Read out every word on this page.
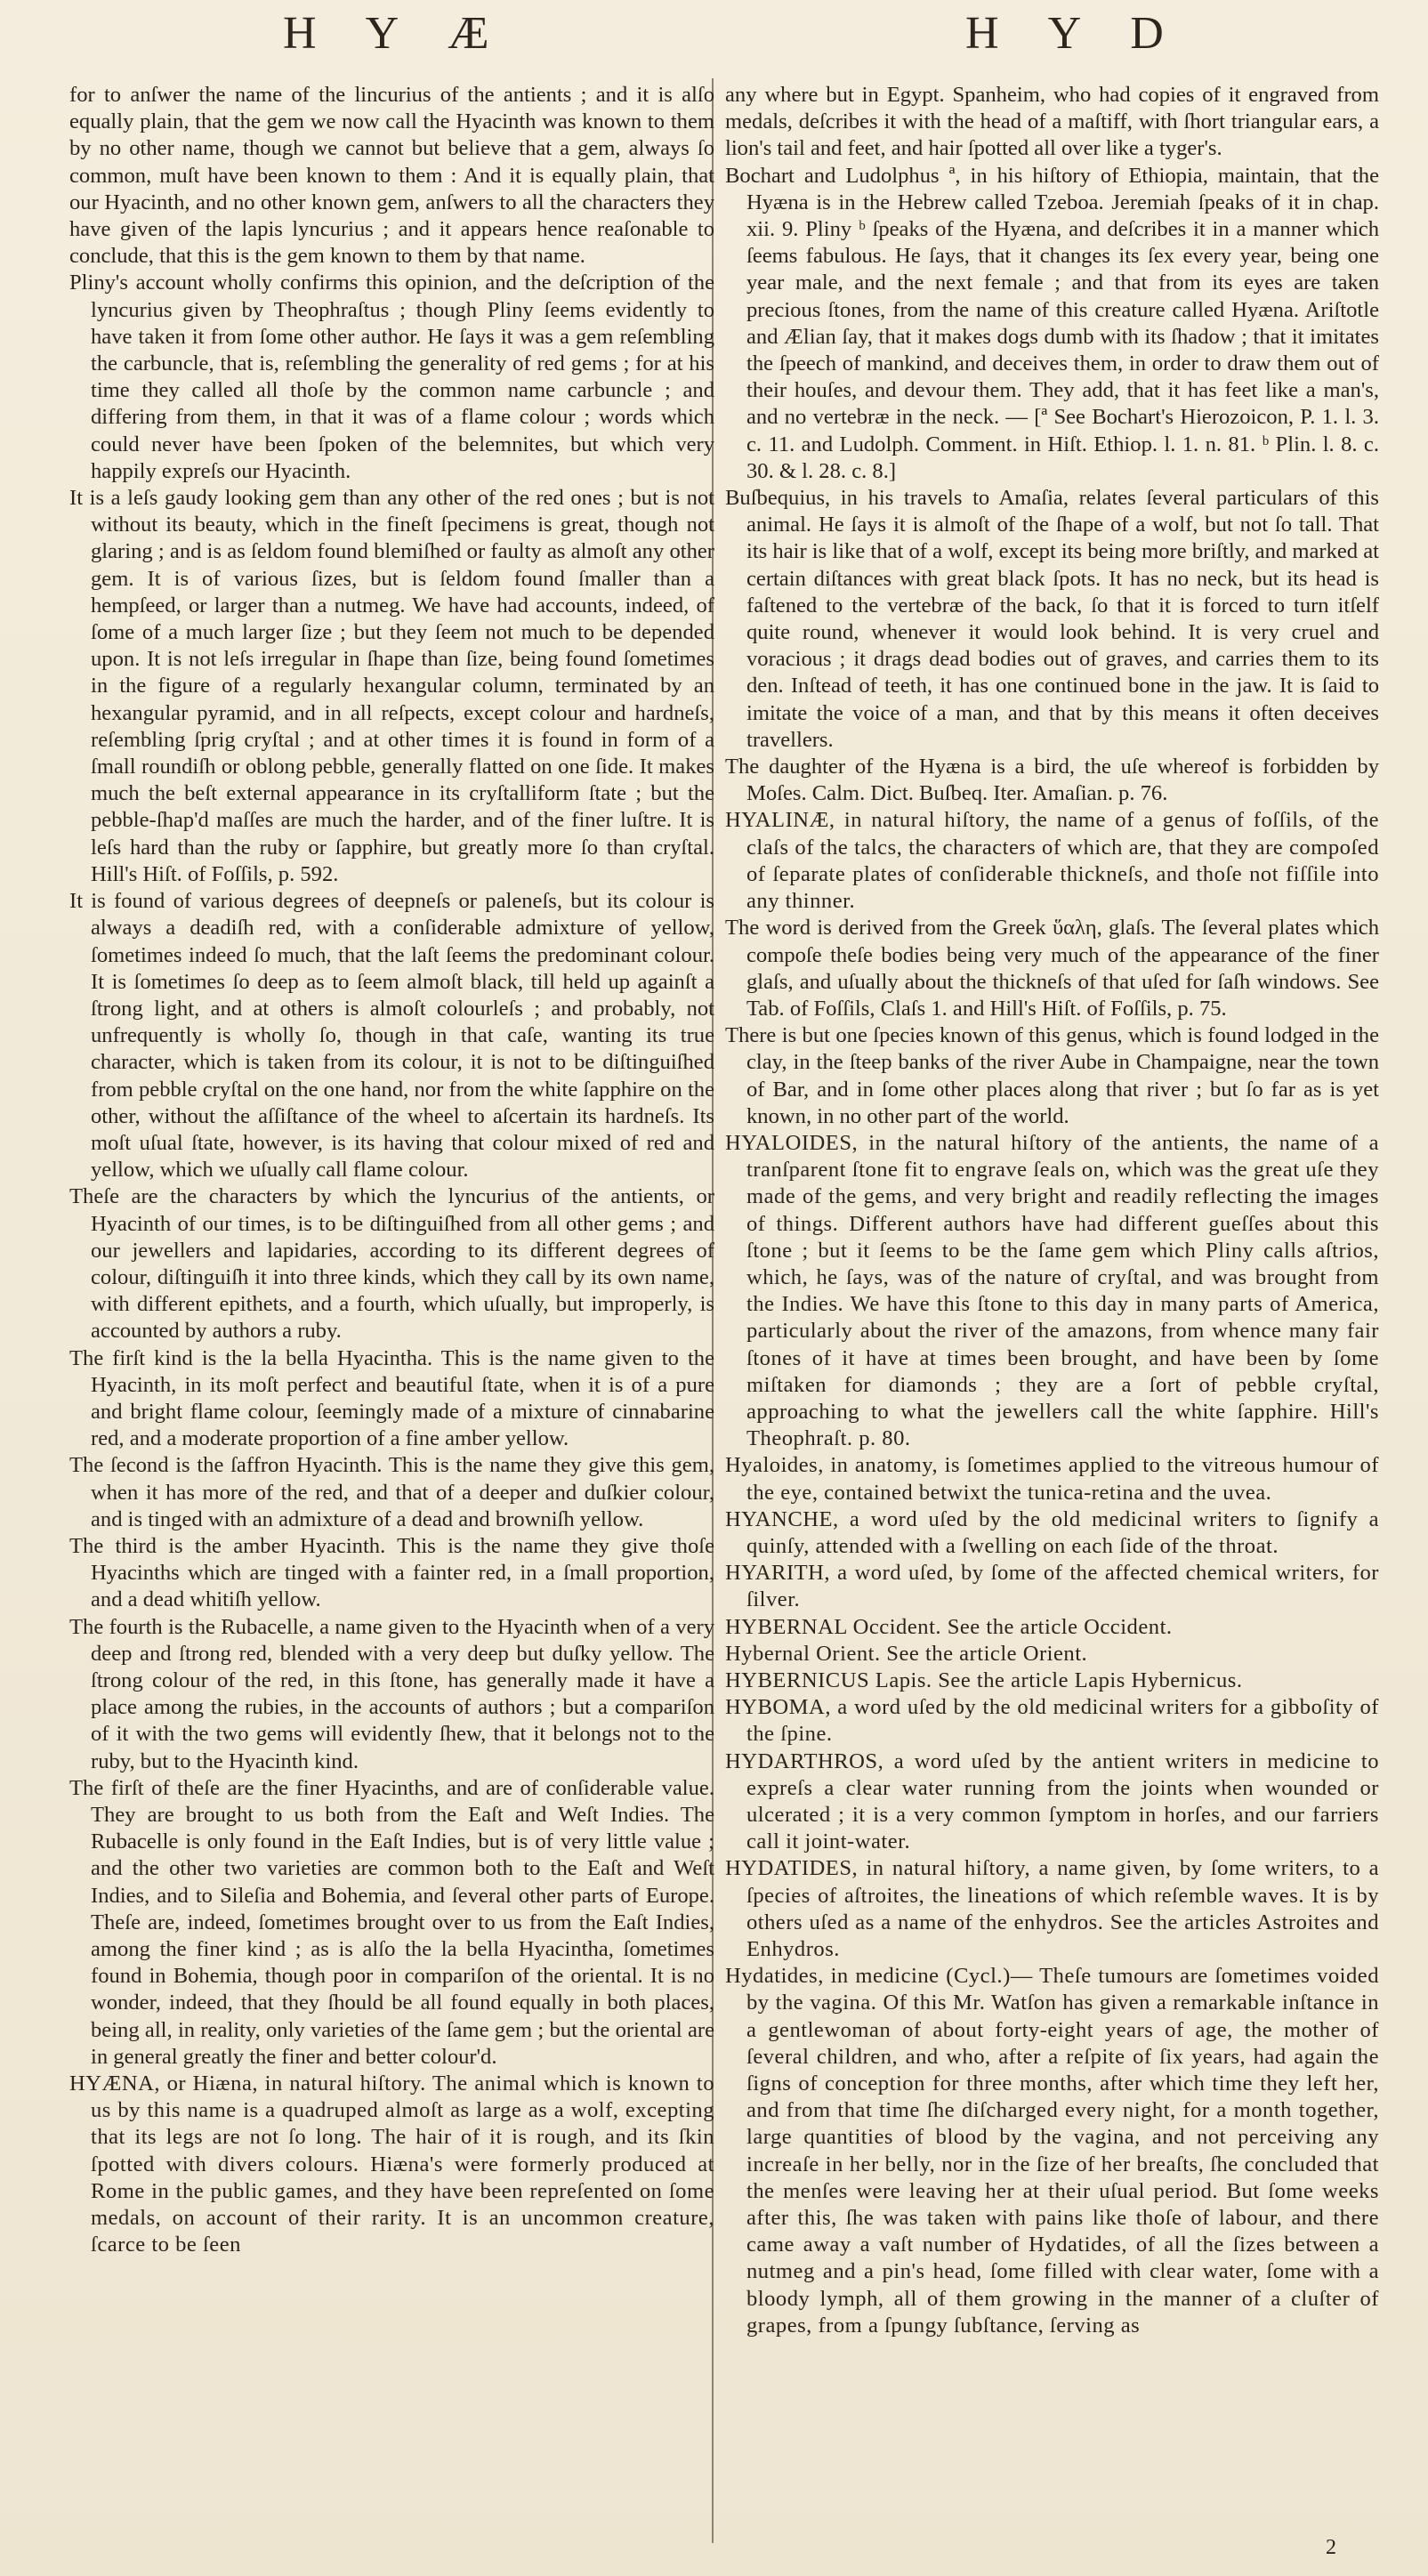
H Y Æ	H Y D

for to anſwer the name of the lincurius of the antients ; and it is alſo equally plain, that the gem we now call the Hyacinth was known to them by no other name, though we cannot but believe that a gem, always ſo common, muſt have been known to them : And it is equally plain, that our Hyacinth, and no other known gem, anſwers to all the characters they have given of the lapis lyncurius ; and it appears hence reaſonable to conclude, that this is the gem known to them by that name.

Pliny's account wholly confirms this opinion, and the deſcription of the lyncurius given by Theophraſtus ; though Pliny ſeems evidently to have taken it from ſome other author. He ſays it was a gem reſembling the carbuncle, that is, reſembling the generality of red gems ; for at his time they called all thoſe by the common name carbuncle ; and differing from them, in that it was of a flame colour ; words which could never have been ſpoken of the belemnites, but which very happily expreſs our Hyacinth.

It is a leſs gaudy looking gem than any other of the red ones ; but is not without its beauty, which in the fineſt ſpecimens is great, though not glaring ; and is as ſeldom found blemiſhed or faulty as almoſt any other gem. It is of various ſizes, but is ſeldom found ſmaller than a hempſeed, or larger than a nutmeg. We have had accounts, indeed, of ſome of a much larger ſize ; but they ſeem not much to be depended upon. It is not leſs irregular in ſhape than ſize, being found ſometimes in the figure of a regularly hexangular column, terminated by an hexangular pyramid, and in all reſpects, except colour and hardneſs, reſembling ſprig cryſtal ; and at other times it is found in form of a ſmall roundiſh or oblong pebble, generally flatted on one ſide. It makes much the beſt external appearance in its cryſtalliform ſtate ; but the pebble-ſhap'd maſſes are much the harder, and of the finer luſtre. It is leſs hard than the ruby or ſapphire, but greatly more ſo than cryſtal. Hill's Hiſt. of Foſſils, p. 592.

It is found of various degrees of deepneſs or paleneſs, but its colour is always a deadiſh red, with a conſiderable admixture of yellow, ſometimes indeed ſo much, that the laſt ſeems the predominant colour. It is ſometimes ſo deep as to ſeem almoſt black, till held up againſt a ſtrong light, and at others is almoſt colourleſs ; and probably, not unfrequently is wholly ſo, though in that caſe, wanting its true character, which is taken from its colour, it is not to be diſtinguiſhed from pebble cryſtal on the one hand, nor from the white ſapphire on the other, without the aſſiſtance of the wheel to aſcertain its hardneſs. Its moſt uſual ſtate, however, is its having that colour mixed of red and yellow, which we uſually call flame colour.

Theſe are the characters by which the lyncurius of the antients, or Hyacinth of our times, is to be diſtinguiſhed from all other gems ; and our jewellers and lapidaries, according to its different degrees of colour, diſtinguiſh it into three kinds, which they call by its own name, with different epithets, and a fourth, which uſually, but improperly, is accounted by authors a ruby.

The firſt kind is the la bella Hyacintha. This is the name given to the Hyacinth, in its moſt perfect and beautiful ſtate, when it is of a pure and bright flame colour, ſeemingly made of a mixture of cinnabarine red, and a moderate proportion of a fine amber yellow.

The ſecond is the ſaffron Hyacinth. This is the name they give this gem, when it has more of the red, and that of a deeper and duſkier colour, and is tinged with an admixture of a dead and browniſh yellow.

The third is the amber Hyacinth. This is the name they give thoſe Hyacinths which are tinged with a fainter red, in a ſmall proportion, and a dead whitiſh yellow.

The fourth is the Rubacelle, a name given to the Hyacinth when of a very deep and ſtrong red, blended with a very deep but duſky yellow. The ſtrong colour of the red, in this ſtone, has generally made it have a place among the rubies, in the accounts of authors ; but a compariſon of it with the two gems will evidently ſhew, that it belongs not to the ruby, but to the Hyacinth kind.

The firſt of theſe are the finer Hyacinths, and are of conſiderable value. They are brought to us both from the Eaſt and Weſt Indies. The Rubacelle is only found in the Eaſt Indies, but is of very little value ; and the other two varieties are common both to the Eaſt and Weſt Indies, and to Sileſia and Bohemia, and ſeveral other parts of Europe. Theſe are, indeed, ſometimes brought over to us from the Eaſt Indies, among the finer kind ; as is alſo the la bella Hyacintha, ſometimes found in Bohemia, though poor in compariſon of the oriental. It is no wonder, indeed, that they ſhould be all found equally in both places, being all, in reality, only varieties of the ſame gem ; but the oriental are in general greatly the finer and better colour'd.

HYÆNA, or Hiæna, in natural hiſtory. The animal which is known to us by this name is a quadruped almoſt as large as a wolf, excepting that its legs are not ſo long. The hair of it is rough, and its ſkin ſpotted with divers colours. Hiæna's were formerly produced at Rome in the public games, and they have been repreſented on ſome medals, on account of their rarity. It is an uncommon creature, ſcarce to be ſeen

any where but in Egypt. Spanheim, who had copies of it engraved from medals, deſcribes it with the head of a maſtiff, with ſhort triangular ears, a lion's tail and feet, and hair ſpotted all over like a tyger's.

Bochart and Ludolphus ª, in his hiſtory of Ethiopia, maintain, that the Hyæna is in the Hebrew called Tzeboa. Jeremiah ſpeaks of it in chap. xii. 9. Pliny ᵇ ſpeaks of the Hyæna, and deſcribes it in a manner which ſeems fabulous. He ſays, that it changes its ſex every year, being one year male, and the next female ; and that from its eyes are taken precious ſtones, from the name of this creature called Hyæna. Ariſtotle and Ælian ſay, that it makes dogs dumb with its ſhadow ; that it imitates the ſpeech of mankind, and deceives them, in order to draw them out of their houſes, and devour them. They add, that it has feet like a man's, and no vertebræ in the neck. — [ª See Bochart's Hierozoicon, P. 1. l. 3. c. 11. and Ludolph. Comment. in Hiſt. Ethiop. l. 1. n. 81. ᵇ Plin. l. 8. c. 30. & l. 28. c. 8.]

Buſbequius, in his travels to Amaſia, relates ſeveral particulars of this animal. He ſays it is almoſt of the ſhape of a wolf, but not ſo tall. That its hair is like that of a wolf, except its being more briſtly, and marked at certain diſtances with great black ſpots. It has no neck, but its head is faſtened to the vertebræ of the back, ſo that it is forced to turn itſelf quite round, whenever it would look behind. It is very cruel and voracious ; it drags dead bodies out of graves, and carries them to its den. Inſtead of teeth, it has one continued bone in the jaw. It is ſaid to imitate the voice of a man, and that by this means it often deceives travellers.

The daughter of the Hyæna is a bird, the uſe whereof is forbidden by Moſes. Calm. Dict. Buſbeq. Iter. Amaſian. p. 76.

HYALINÆ, in natural hiſtory, the name of a genus of foſſils, of the claſs of the talcs, the characters of which are, that they are compoſed of ſeparate plates of conſiderable thickneſs, and thoſe not fiſſile into any thinner.

The word is derived from the Greek ὕαλη, glaſs. The ſeveral plates which compoſe theſe bodies being very much of the appearance of the finer glaſs, and uſually about the thickneſs of that uſed for ſaſh windows. See Tab. of Foſſils, Claſs 1. and Hill's Hiſt. of Foſſils, p. 75.

There is but one ſpecies known of this genus, which is found lodged in the clay, in the ſteep banks of the river Aube in Champaigne, near the town of Bar, and in ſome other places along that river ; but ſo far as is yet known, in no other part of the world.

HYALOIDES, in the natural hiſtory of the antients, the name of a tranſparent ſtone fit to engrave ſeals on, which was the great uſe they made of the gems, and very bright and readily reflecting the images of things. Different authors have had different gueſſes about this ſtone ; but it ſeems to be the ſame gem which Pliny calls aſtrios, which, he ſays, was of the nature of cryſtal, and was brought from the Indies. We have this ſtone to this day in many parts of America, particularly about the river of the amazons, from whence many fair ſtones of it have at times been brought, and have been by ſome miſtaken for diamonds ; they are a ſort of pebble cryſtal, approaching to what the jewellers call the white ſapphire. Hill's Theophraſt. p. 80.

Hyaloides, in anatomy, is ſometimes applied to the vitreous humour of the eye, contained betwixt the tunica-retina and the uvea.

HYANCHE, a word uſed by the old medicinal writers to ſignify a quinſy, attended with a ſwelling on each ſide of the throat.

HYARITH, a word uſed, by ſome of the affected chemical writers, for ſilver.

HYBERNAL Occident. See the article Occident.

Hybernal Orient. See the article Orient.

HYBERNICUS Lapis. See the article Lapis Hybernicus.

HYBOMA, a word uſed by the old medicinal writers for a gibboſity of the ſpine.

HYDARTHROS, a word uſed by the antient writers in medicine to expreſs a clear water running from the joints when wounded or ulcerated ; it is a very common ſymptom in horſes, and our farriers call it joint-water.

HYDATIDES, in natural hiſtory, a name given, by ſome writers, to a ſpecies of aſtroites, the lineations of which reſemble waves. It is by others uſed as a name of the enhydros. See the articles Astroites and Enhydros.

Hydatides, in medicine (Cycl.)— Theſe tumours are ſometimes voided by the vagina. Of this Mr. Watſon has given a remarkable inſtance in a gentlewoman of about forty-eight years of age, the mother of ſeveral children, and who, after a reſpite of ſix years, had again the ſigns of conception for three months, after which time they left her, and from that time ſhe diſcharged every night, for a month together, large quantities of blood by the vagina, and not perceiving any increaſe in her belly, nor in the ſize of her breaſts, ſhe concluded that the menſes were leaving her at their uſual period. But ſome weeks after this, ſhe was taken with pains like thoſe of labour, and there came away a vaſt number of Hydatides, of all the ſizes between a nutmeg and a pin's head, ſome filled with clear water, ſome with a bloody lymph, all of them growing in the manner of a cluſter of grapes, from a ſpungy ſubſtance, ſerving as

2
